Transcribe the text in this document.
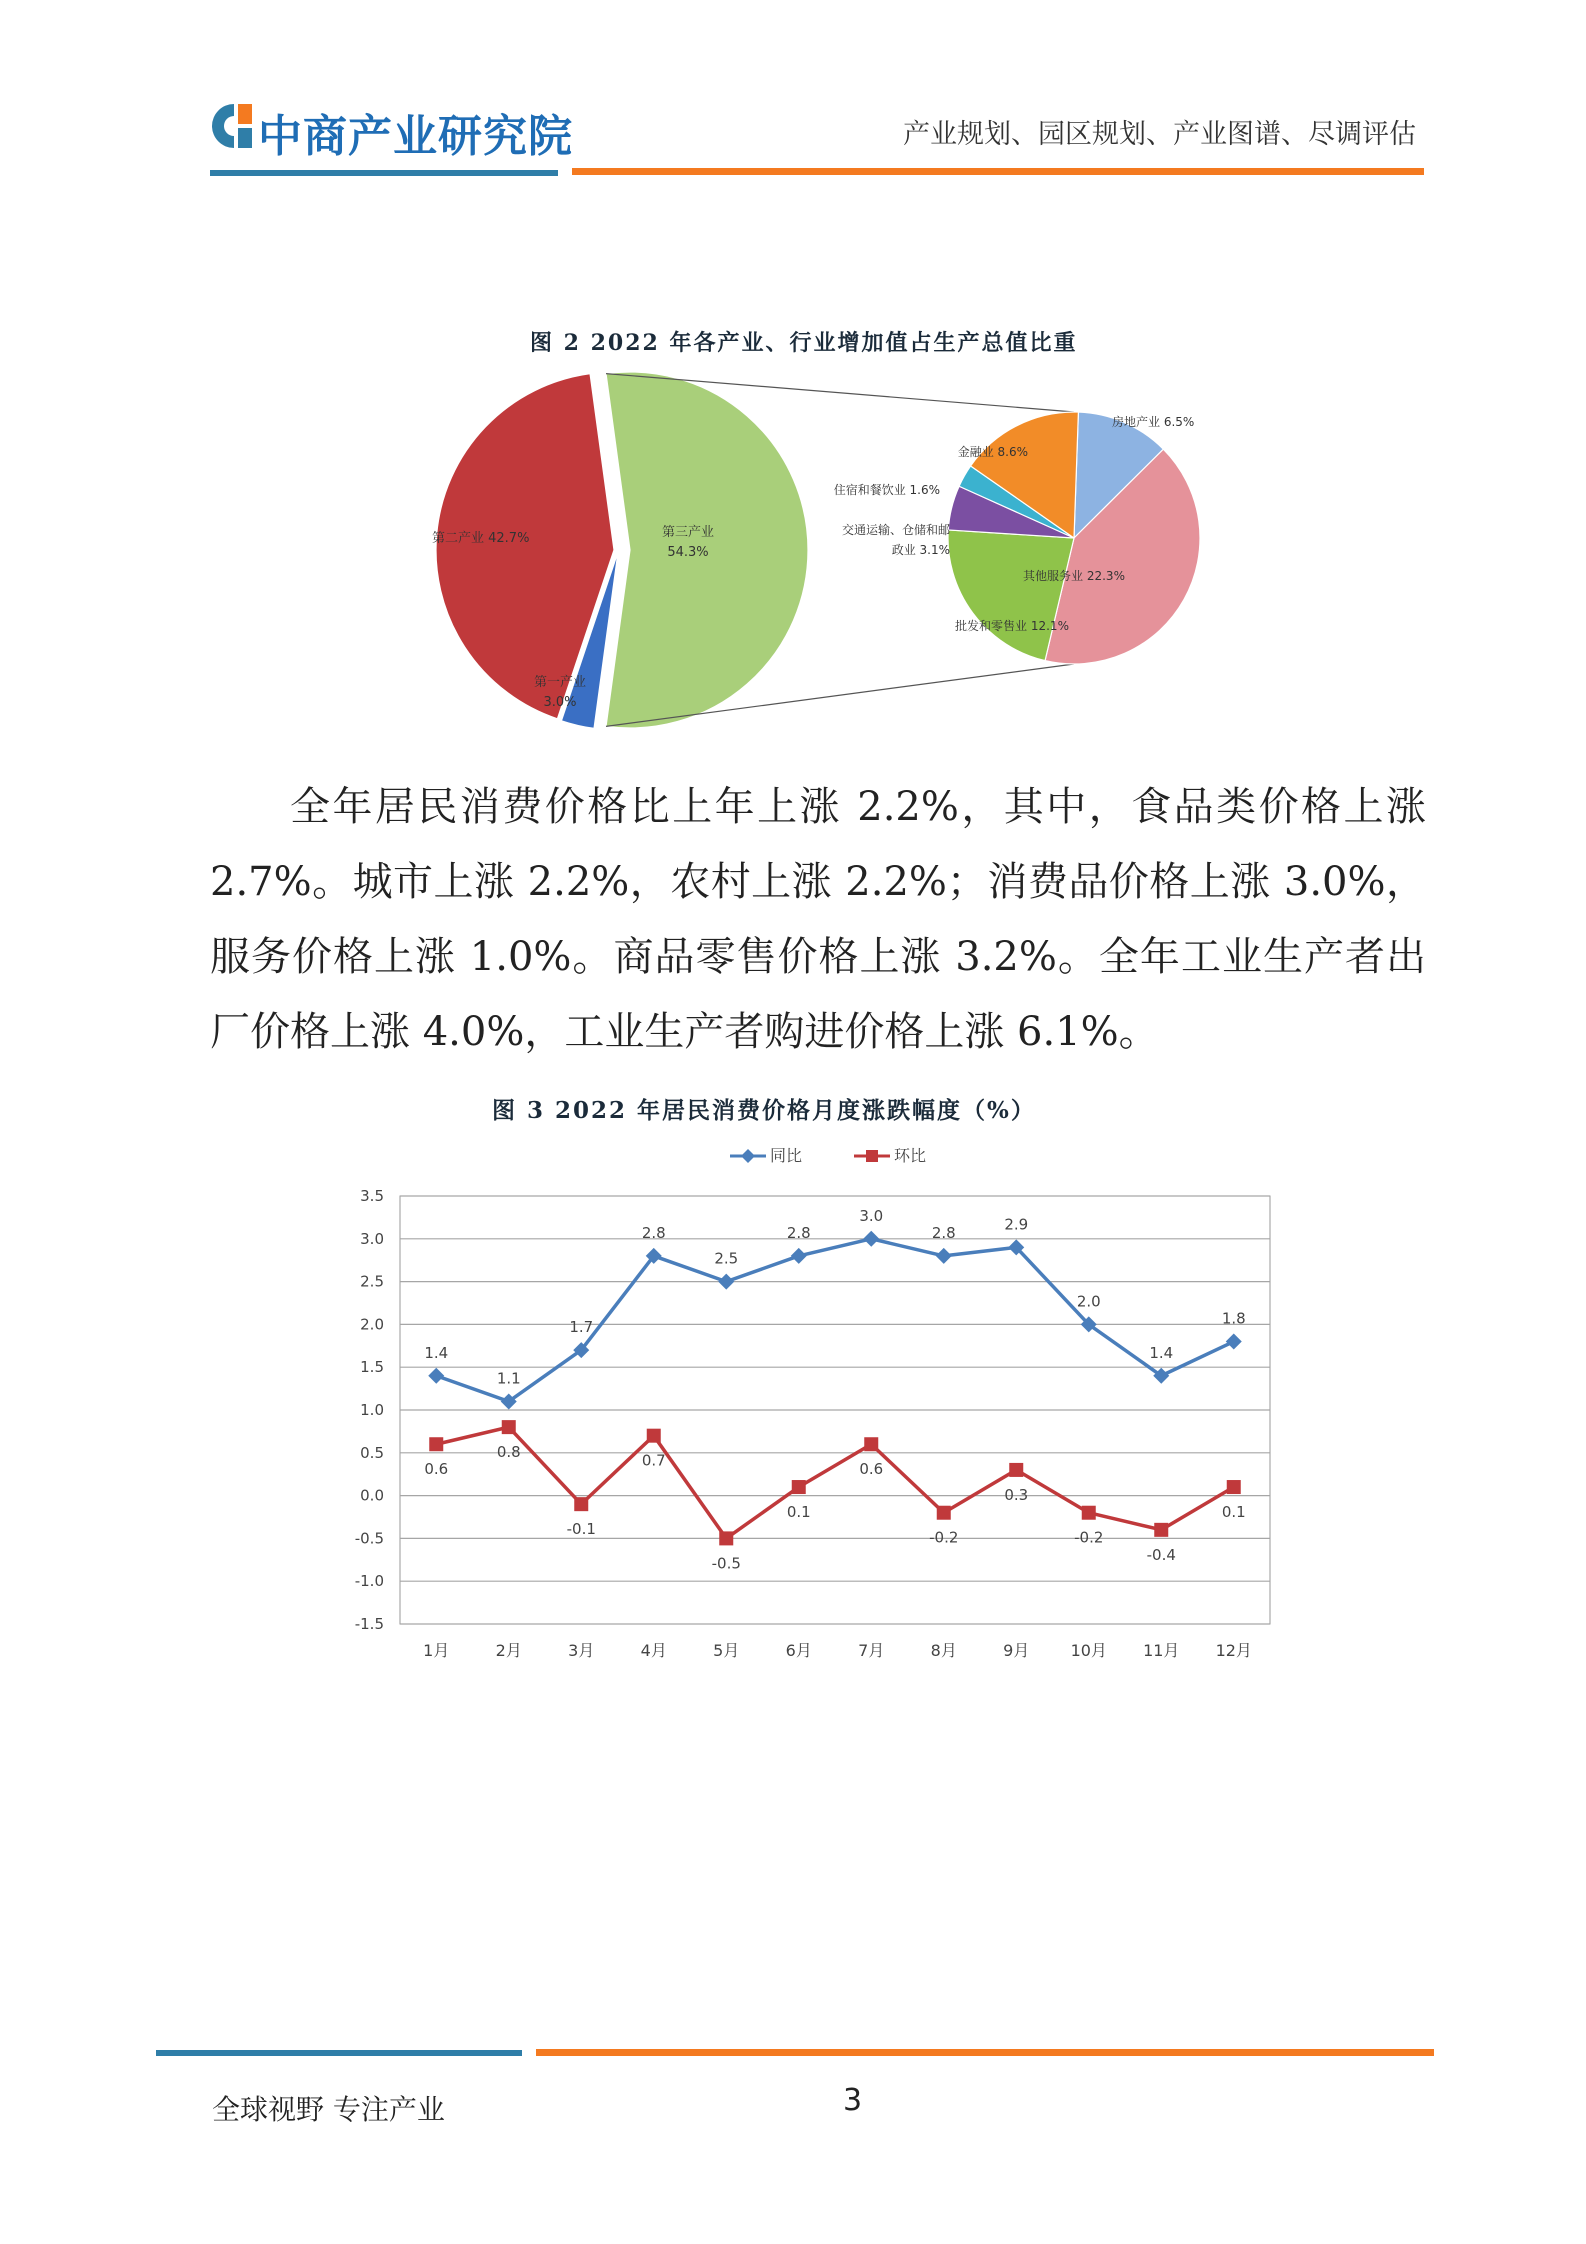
中商产业研究院	产业规划、园区规划、产业图谱、尽调评估
图 2 2022 年各产业、行业增加值占生产总值比重
第二产业 42.7%	第三产业
54.3%
第一产业
3.0%
房地产业 6.5%
其他服务业 22.3%
批发和零售业 12.1%
交通运输、仓储和邮
政业 3.1%
住宿和餐饮业 1.6%
金融业 8.6%

全年居民消费价格比上年上涨 2.2%，其中，食品类价格上涨 2.7%。城市上涨 2.2%，农村上涨 2.2%；消费品价格上涨 3.0%，服务价格上涨 1.0%。商品零售价格上涨 3.2%。全年工业生产者出厂价格上涨 4.0%，工业生产者购进价格上涨 6.1%。

图 3 2022 年居民消费价格月度涨跌幅度（%）
同比	环比
3.5
3.0
2.5
2.0
1.5
1.0
0.5
0.0
-0.5
-1.0
-1.5
1.4
1.1
1.7
2.8
2.5
2.8
3.0
2.8	2.9
2.0
1.4
1.8
0.6
0.8
-0.1
0.7
-0.5
0.1
0.6
-0.2
0.3
-0.2
-0.4
0.1
1月	2月	3月	4月	5月	6月	7月	8月	9月	10月 11月 12月
全球视野 专注产业	3
